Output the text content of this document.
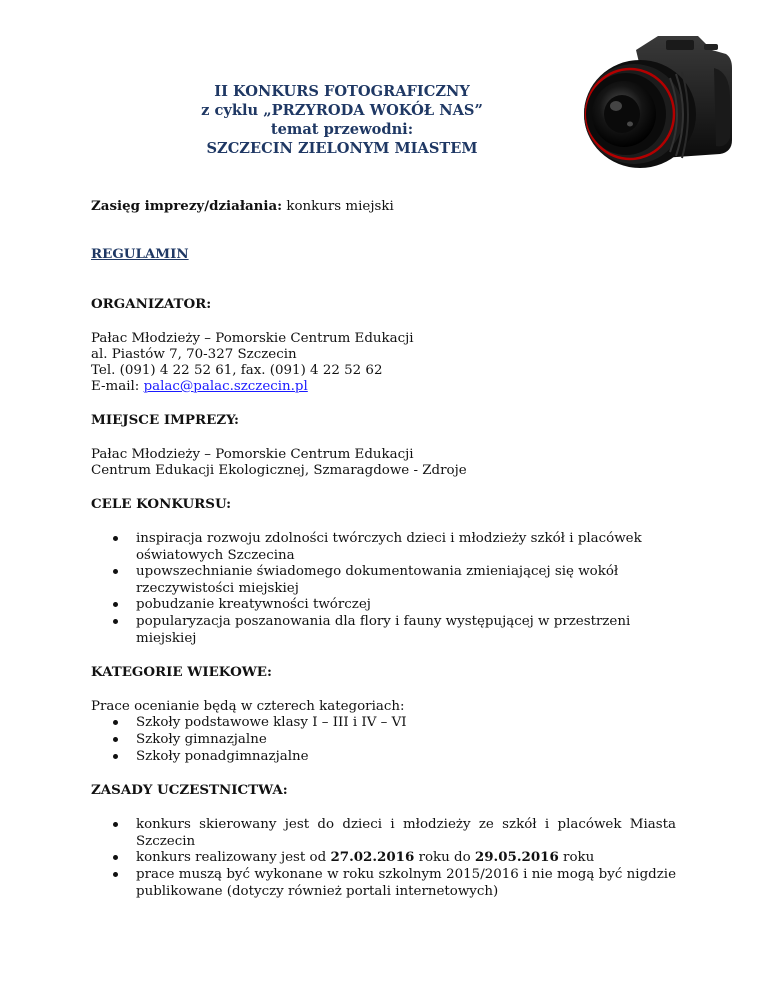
II KONKURS FOTOGRAFICZNY
z cyklu „PRZYRODA WOKÓŁ NAS”
temat przewodni:
SZCZECIN ZIELONYM MIASTEM
Zasięg imprezy/działania: konkurs miejski
REGULAMIN
ORGANIZATOR:
Pałac Młodzieży – Pomorskie Centrum Edukacji
al. Piastów 7, 70-327 Szczecin
Tel. (091) 4 22 52 61, fax. (091) 4 22 52 62
E-mail: palac@palac.szczecin.pl
MIEJSCE IMPREZY:
Pałac Młodzieży – Pomorskie Centrum Edukacji
Centrum Edukacji Ekologicznej, Szmaragdowe - Zdroje
CELE KONKURSU:
inspiracja rozwoju zdolności twórczych dzieci i młodzieży szkół i placówek
oświatowych Szczecina
upowszechnianie świadomego dokumentowania zmieniającej się wokół
rzeczywistości miejskiej
pobudzanie kreatywności twórczej
popularyzacja poszanowania dla flory i fauny występującej w przestrzeni
miejskiej
KATEGORIE WIEKOWE:
Prace ocenianie będą w czterech kategoriach:
Szkoły podstawowe klasy I – III i IV – VI
Szkoły gimnazjalne
Szkoły ponadgimnazjalne
ZASADY UCZESTNICTWA:
konkurs skierowany jest do dzieci i młodzieży ze szkół i placówek Miasta
Szczecin
konkurs realizowany jest od 27.02.2016 roku do 29.05.2016 roku
prace muszą być wykonane w roku szkolnym 2015/2016 i nie mogą być nigdzie
publikowane (dotyczy również portali internetowych)
